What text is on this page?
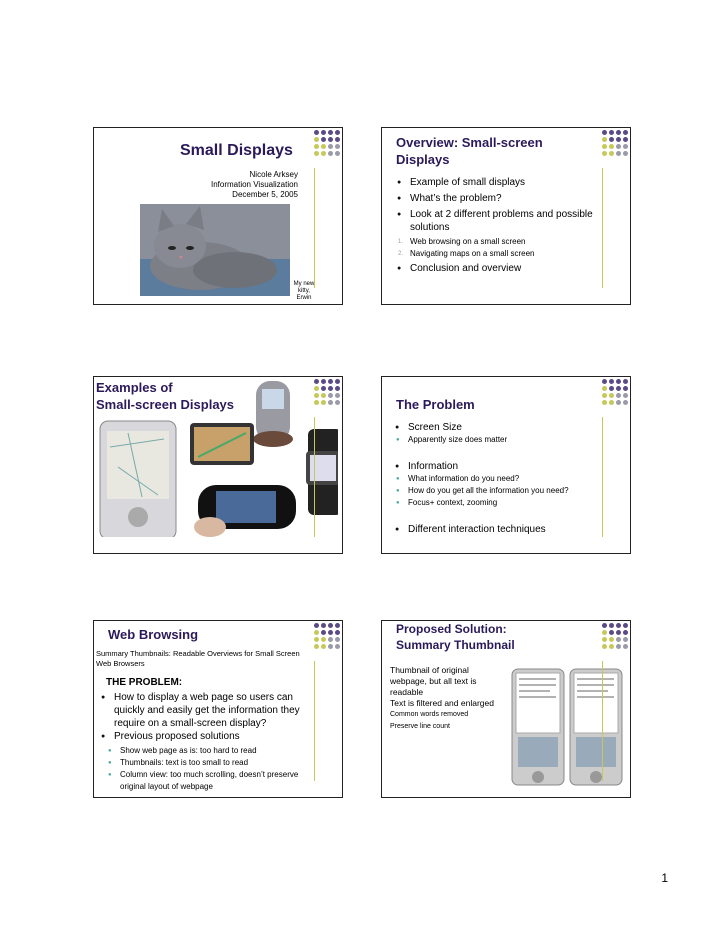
Small Displays
Nicole Arksey
Information Visualization
December 5, 2005
My new kitty, Erwin
Overview: Small-screen
Displays
● Example of small displays
● What’s the problem?
● Look at 2 different problems and possible solutions
1. Web browsing on a small screen
2. Navigating maps on a small screen
● Conclusion and overview
Examples of
Small-screen Displays	The Problem
● Screen Size
● Apparently size does matter
● Information
● What information do you need?
● How do you get all the information you need?
● Focus+ context, zooming
● Different interaction techniques
Web Browsing
Summary Thumbnails: Readable Overviews for Small Screen Web Browsers
THE PROBLEM:
● How to display a web page so users can quickly and easily get the information they require on a small-screen display?
● Previous proposed solutions
● Show web page as is: too hard to read
● Thumbnails: text is too small to read
● Column view: too much scrolling, doesn’t preserve original layout of webpage
Proposed Solution:
Summary Thumbnail
● Thumbnail of original webpage, but all text is readable
● Text is filtered and enlarged
● Common words removed
● Preserve line count
1
